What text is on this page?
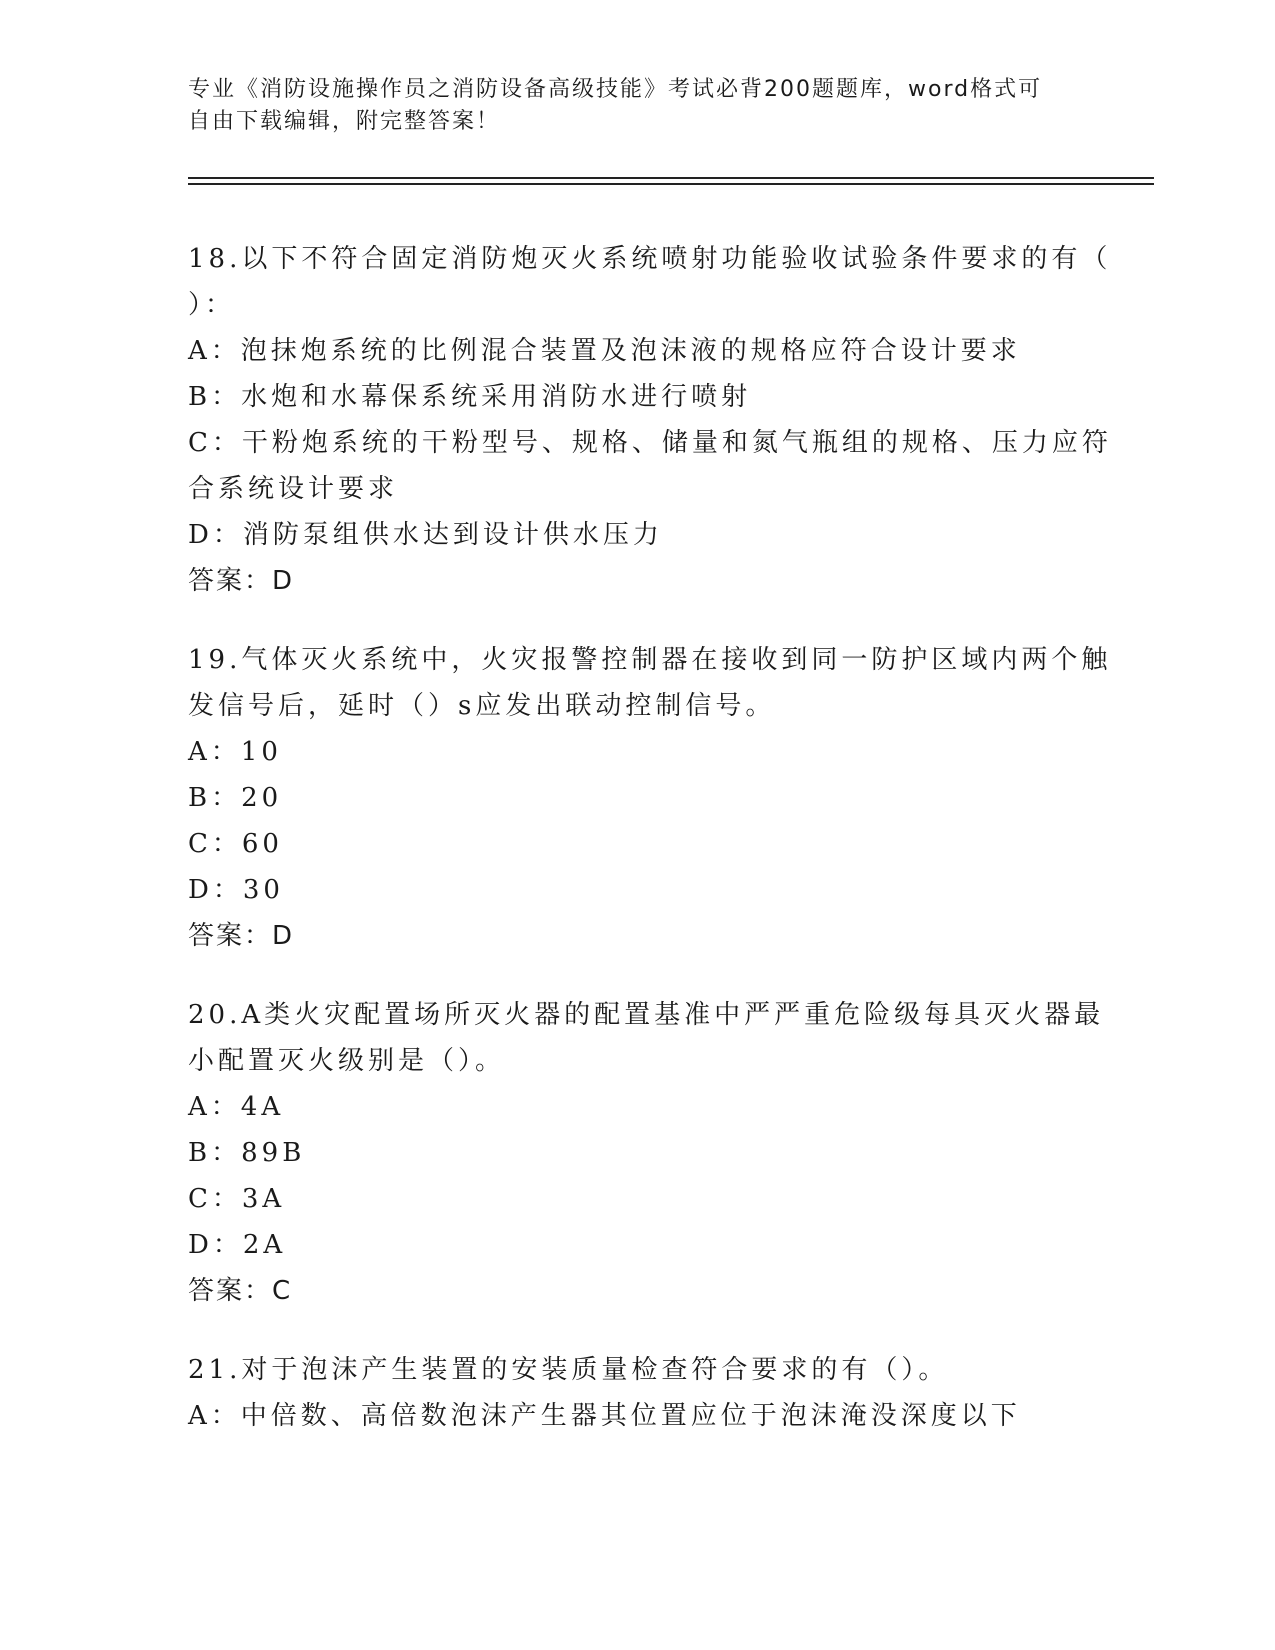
专业《消防设施操作员之消防设备高级技能》考试必背200题题库，word格式可
自由下载编辑，附完整答案！
18.以下不符合固定消防炮灭火系统喷射功能验收试验条件要求的有（
）：
A：泡抹炮系统的比例混合装置及泡沫液的规格应符合设计要求
B：水炮和水幕保系统采用消防水进行喷射
C：干粉炮系统的干粉型号、规格、储量和氮气瓶组的规格、压力应符
合系统设计要求
D：消防泵组供水达到设计供水压力
答案：D
19.气体灭火系统中，火灾报警控制器在接收到同一防护区域内两个触
发信号后，延时（）s应发出联动控制信号。
A：10
B：20
C：60
D：30
答案：D
20.A类火灾配置场所灭火器的配置基准中严严重危险级每具灭火器最
小配置灭火级别是（）。
A：4A
B：89B
C：3A
D：2A
答案：C
21.对于泡沫产生装置的安装质量检查符合要求的有（）。
A：中倍数、高倍数泡沫产生器其位置应位于泡沫淹没深度以下
